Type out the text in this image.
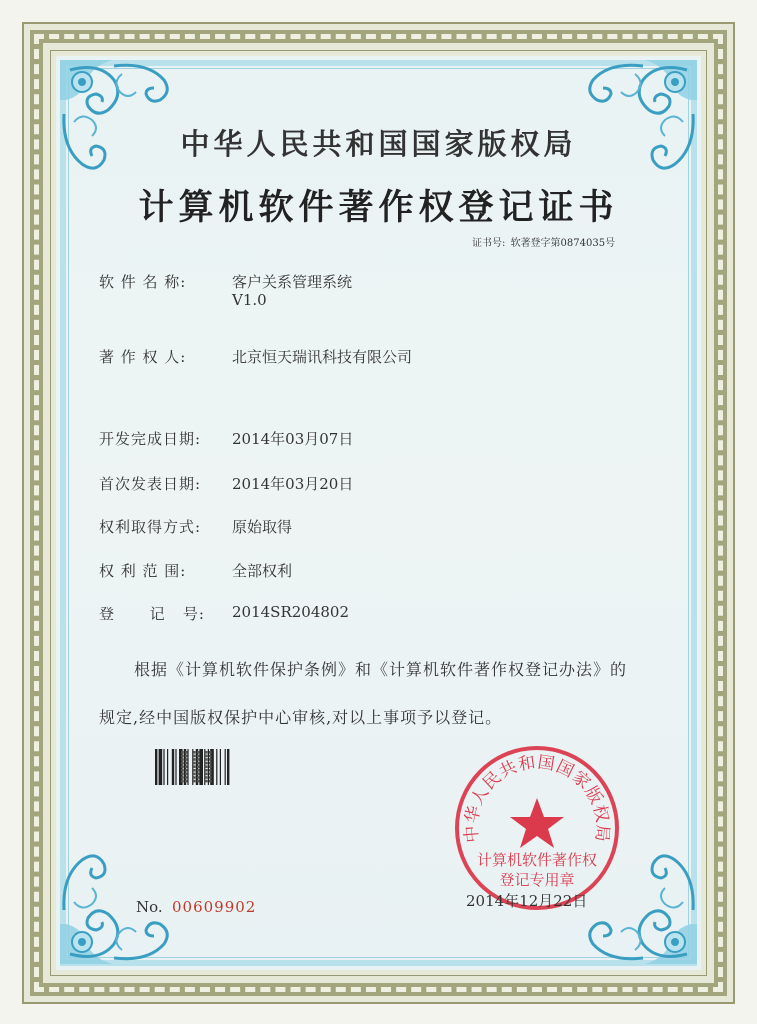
中华人民共和国国家版权局
计算机软件著作权登记证书
证书号: 软著登字第0874035号
软 件 名 称:	客户关系管理系统
V1.0
著 作 权 人:	北京恒天瑞讯科技有限公司
开发完成日期: 2014年03月07日
首次发表日期: 2014年03月20日
权利取得方式: 原始取得
权 利 范 围:	全部权利
登      记   号: 2014SR204802
根据《计算机软件保护条例》和《计算机软件著作权登记办法》的
规定,经中国版权保护中心审核,对以上事项予以登记。
No. 00609902
中华人民共和国国家版权局
计算机软件著作权
登记专用章
2014年12月22日
